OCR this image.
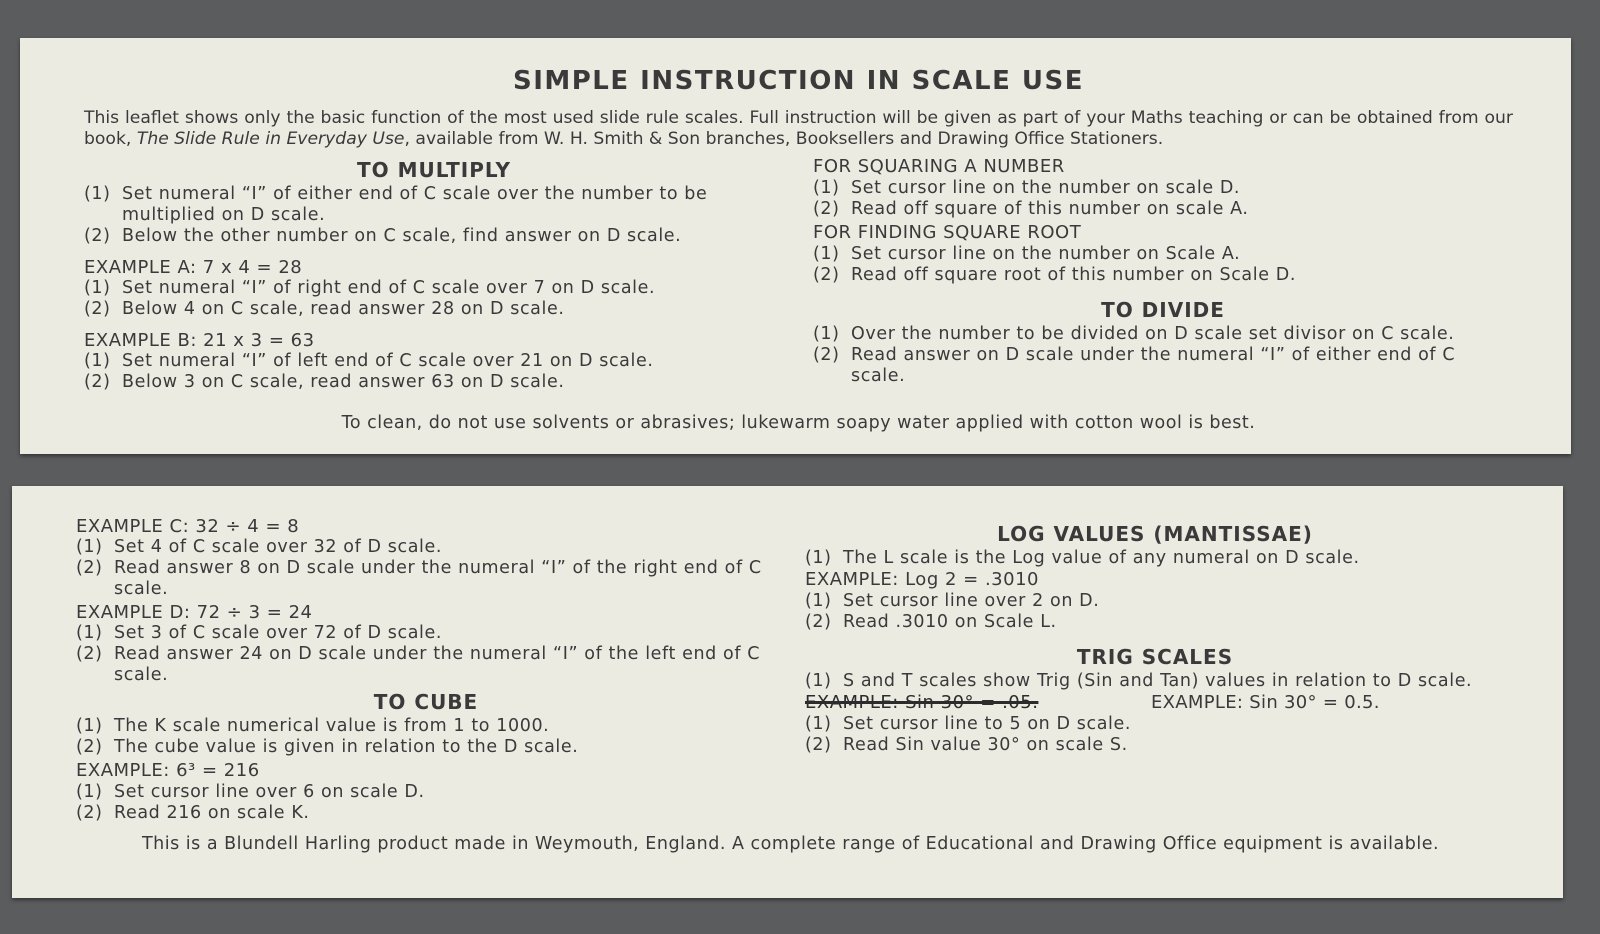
SIMPLE INSTRUCTION IN SCALE USE

This leaflet shows only the basic function of the most used slide rule scales. Full instruction will be given as part of your Maths teaching or can be obtained from our book, The Slide Rule in Everyday Use, available from W. H. Smith & Son branches, Booksellers and Drawing Office Stationers.

TO MULTIPLY
(1) Set numeral “I” of either end of C scale over the number to be multiplied on D scale.
(2) Below the other number on C scale, find answer on D scale.
EXAMPLE A: 7 x 4 = 28
(1) Set numeral “I” of right end of C scale over 7 on D scale.
(2) Below 4 on C scale, read answer 28 on D scale.
EXAMPLE B: 21 x 3 = 63
(1) Set numeral “I” of left end of C scale over 21 on D scale.
(2) Below 3 on C scale, read answer 63 on D scale.
FOR SQUARING A NUMBER
(1) Set cursor line on the number on scale D.
(2) Read off square of this number on scale A.
FOR FINDING SQUARE ROOT
(1) Set cursor line on the number on Scale A.
(2) Read off square root of this number on Scale D.
TO DIVIDE
(1) Over the number to be divided on D scale set divisor on C scale.
(2) Read answer on D scale under the numeral “I” of either end of C scale.
To clean, do not use solvents or abrasives; lukewarm soapy water applied with cotton wool is best.
EXAMPLE C: 32 ÷ 4 = 8
(1) Set 4 of C scale over 32 of D scale.
(2) Read answer 8 on D scale under the numeral “I” of the right end of C scale.
EXAMPLE D: 72 ÷ 3 = 24
(1) Set 3 of C scale over 72 of D scale.
(2) Read answer 24 on D scale under the numeral “I” of the left end of C scale.
TO CUBE
(1) The K scale numerical value is from 1 to 1000.
(2) The cube value is given in relation to the D scale.
EXAMPLE: 6³ = 216
(1) Set cursor line over 6 on scale D.
(2) Read 216 on scale K.
LOG VALUES (MANTISSAE)
(1) The L scale is the Log value of any numeral on D scale.
EXAMPLE: Log 2 = .3010
(1) Set cursor line over 2 on D.
(2) Read .3010 on Scale L.
TRIG SCALES
(1) S and T scales show Trig (Sin and Tan) values in relation to D scale.
EXAMPLE: Sin 30° = .05.	EXAMPLE: Sin 30° = 0.5.
(1) Set cursor line to 5 on D scale.
(2) Read Sin value 30° on scale S.
This is a Blundell Harling product made in Weymouth, England. A complete range of Educational and Drawing Office equipment is available.
